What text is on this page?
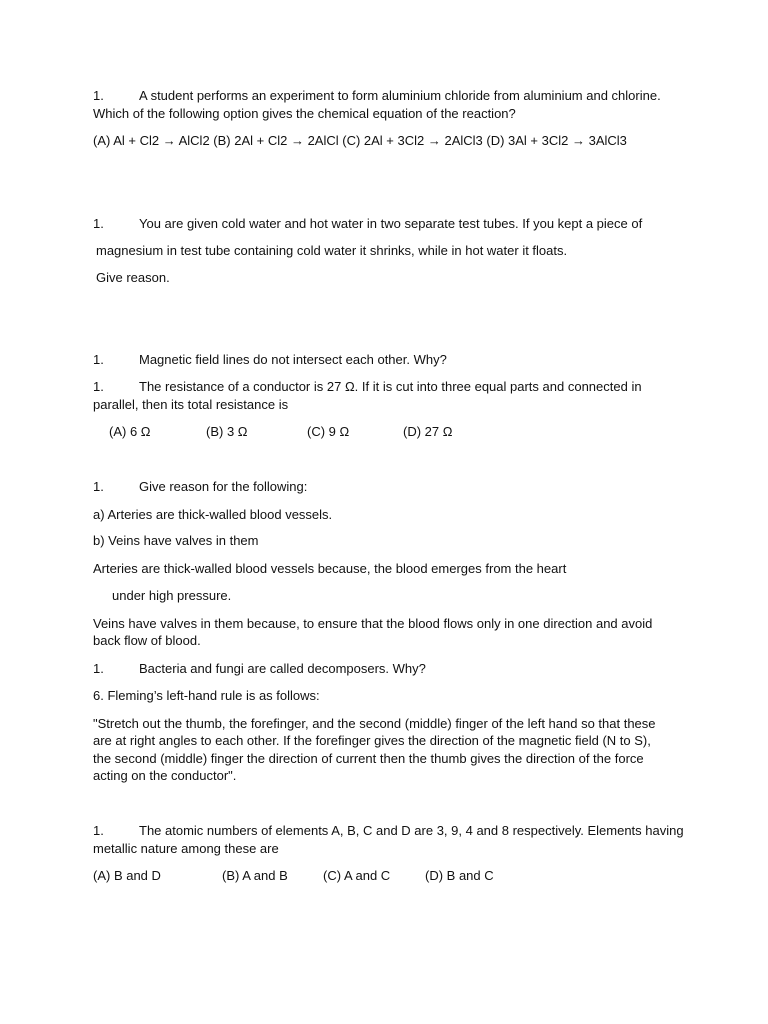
1.	A student performs an experiment to form aluminium chloride from aluminium and chlorine.
Which of the following option gives the chemical equation of the reaction?
(A) Al + Cl2 → AlCl2 (B) 2Al + Cl2 → 2AlCl (C) 2Al + 3Cl2 → 2AlCl3 (D) 3Al + 3Cl2 → 3AlCl3
1.	You are given cold water and hot water in two separate test tubes. If you kept a piece of
magnesium in test tube containing cold water it shrinks, while in hot water it floats.
Give reason.
1.	Magnetic field lines do not intersect each other. Why?
1.	The resistance of a conductor is 27 Ω. If it is cut into three equal parts and connected in
parallel, then its total resistance is
(A) 6 Ω	(B) 3 Ω	(C) 9 Ω	(D) 27 Ω
1.	Give reason for the following:
a) Arteries are thick-walled blood vessels.
b) Veins have valves in them
Arteries are thick-walled blood vessels because, the blood emerges from the heart
under high pressure.
Veins have valves in them because, to ensure that the blood flows only in one direction and avoid
back flow of blood.
1.	Bacteria and fungi are called decomposers. Why?
6. Fleming’s left-hand rule is as follows:
"Stretch out the thumb, the forefinger, and the second (middle) finger of the left hand so that these
are at right angles to each other. If the forefinger gives the direction of the magnetic field (N to S),
the second (middle) finger the direction of current then the thumb gives the direction of the force
acting on the conductor".
1.	The atomic numbers of elements A, B, C and D are 3, 9, 4 and 8 respectively. Elements having
metallic nature among these are
(A) B and D	(B) A and B	(C) A and C	(D) B and C
